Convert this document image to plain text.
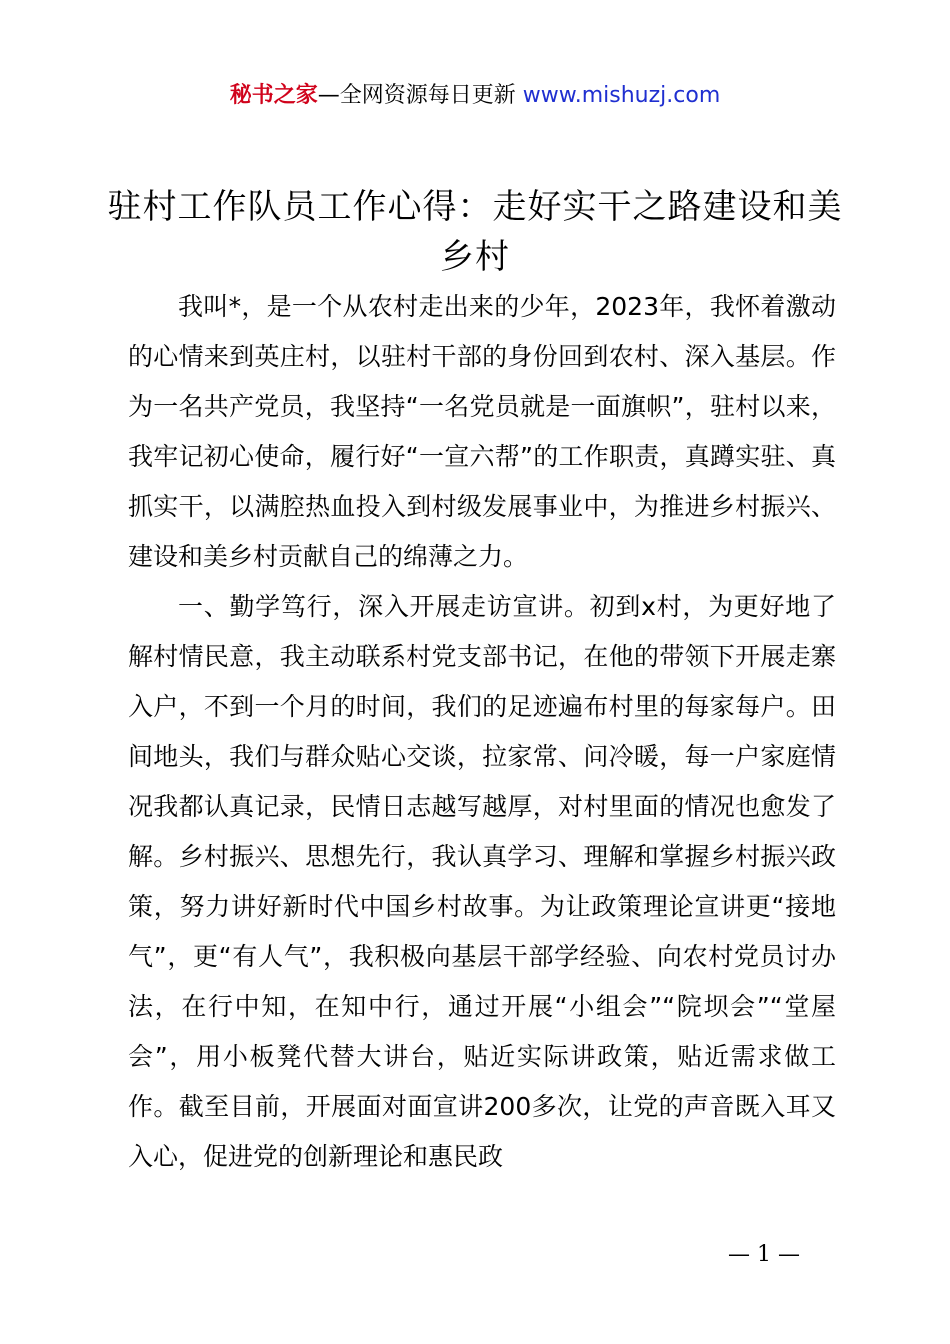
秘书之家—全网资源每日更新 www.mishuzj.com
驻村工作队员工作心得：走好实干之路建设和美乡村

我叫*，是一个从农村走出来的少年，2023年，我怀着激动的心情来到英庄村，以驻村干部的身份回到农村、深入基层。作为一名共产党员，我坚持“一名党员就是一面旗帜”，驻村以来，我牢记初心使命，履行好“一宣六帮”的工作职责，真蹲实驻、真抓实干，以满腔热血投入到村级发展事业中，为推进乡村振兴、建设和美乡村贡献自己的绵薄之力。

一、勤学笃行，深入开展走访宣讲。初到x村，为更好地了解村情民意，我主动联系村党支部书记，在他的带领下开展走寨入户，不到一个月的时间，我们的足迹遍布村里的每家每户。田间地头，我们与群众贴心交谈，拉家常、问冷暖，每一户家庭情况我都认真记录，民情日志越写越厚，对村里面的情况也愈发了解。乡村振兴、思想先行，我认真学习、理解和掌握乡村振兴政策，努力讲好新时代中国乡村故事。为让政策理论宣讲更“接地气”，更“有人气”，我积极向基层干部学经验、向农村党员讨办法，在行中知，在知中行，通过开展“小组会”“院坝会”“堂屋会”，用小板凳代替大讲台，贴近实际讲政策，贴近需求做工作。截至目前，开展面对面宣讲200多次，让党的声音既入耳又入心，促进党的创新理论和惠民政

— 1 —
